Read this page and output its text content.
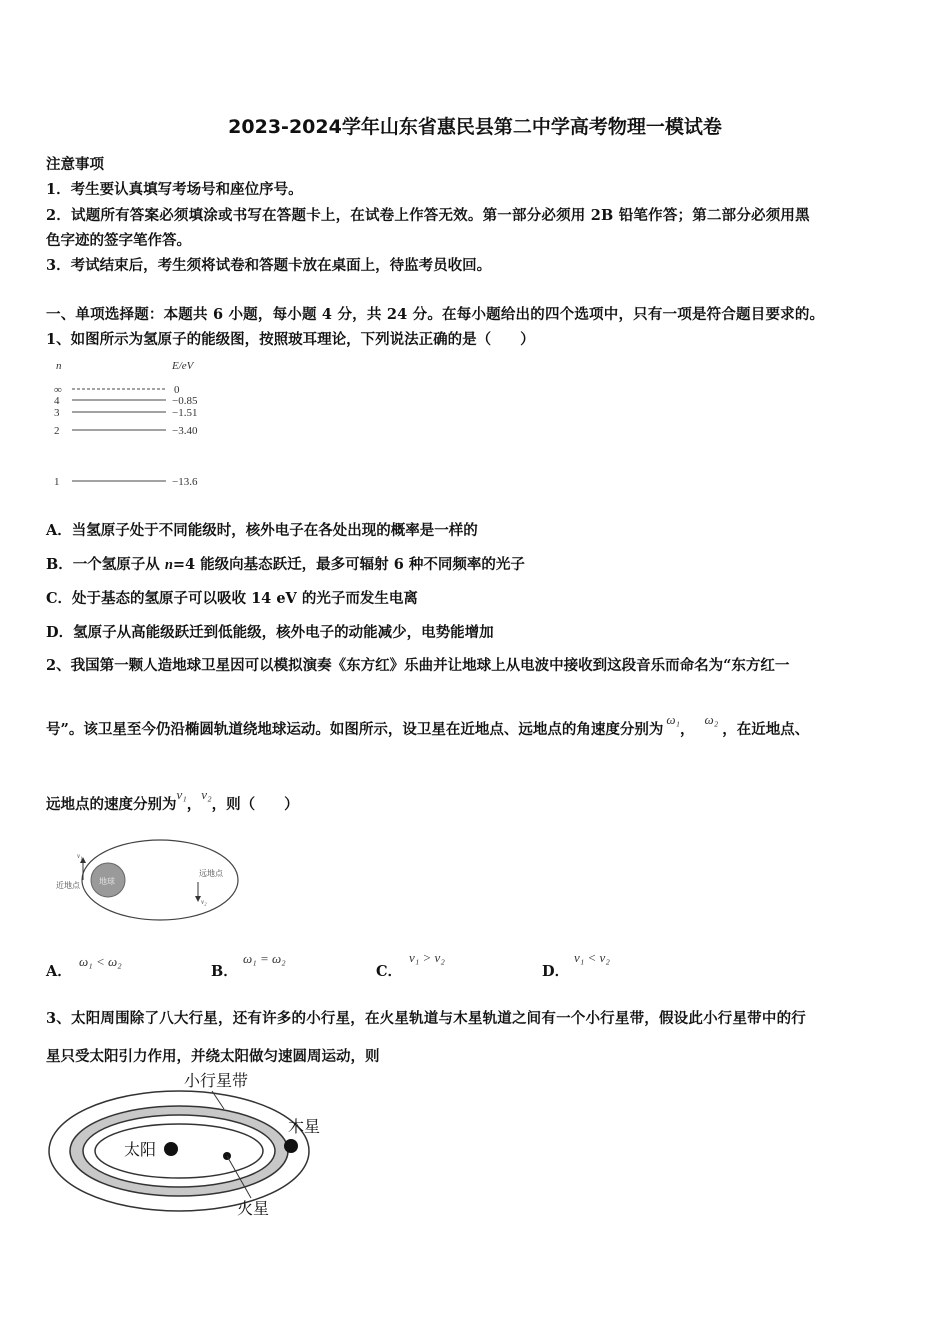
2023-2024学年山东省惠民县第二中学高考物理一模试卷
注意事项
1．考生要认真填写考场号和座位序号。
2．试题所有答案必须填涂或书写在答题卡上，在试卷上作答无效。第一部分必须用 2B 铅笔作答；第二部分必须用黑
色字迹的签字笔作答。
3．考试结束后，考生须将试卷和答题卡放在桌面上，待监考员收回。
一、单项选择题：本题共 6 小题，每小题 4 分，共 24 分。在每小题给出的四个选项中，只有一项是符合题目要求的。
1、如图所示为氢原子的能级图，按照玻耳理论，下列说法正确的是（　　）
n	E/eV
∞	0
4	−0.85
3	−1.51
2	−3.40
1	−13.6
A．当氢原子处于不同能级时，核外电子在各处出现的概率是一样的
B．一个氢原子从 n=4 能级向基态跃迁，最多可辐射 6 种不同频率的光子
C．处于基态的氢原子可以吸收 14 eV 的光子而发生电离
D．氢原子从高能级跃迁到低能级，核外电子的动能减少，电势能增加
2、我国第一颗人造地球卫星因可以模拟演奏《东方红》乐曲并让地球上从电波中接收到这段音乐而命名为“东方红一
号”。该卫星至今仍沿椭圆轨道绕地球运动。如图所示，设卫星在近地点、远地点的角速度分别为ω₁，ω₂，在近地点、
远地点的速度分别为v₁，v₂，则（　　）
地球
近地点
v₁
远地点
v₂
A．
ω₁ < ω₂
B．
ω₁ = ω₂
C．
v₁ > v₂
D．
v₁ < v₂
3、太阳周围除了八大行星，还有许多的小行星，在火星轨道与木星轨道之间有一个小行星带，假设此小行星带中的行
星只受太阳引力作用，并绕太阳做匀速圆周运动，则
太阳
木星
火星
小行星带
